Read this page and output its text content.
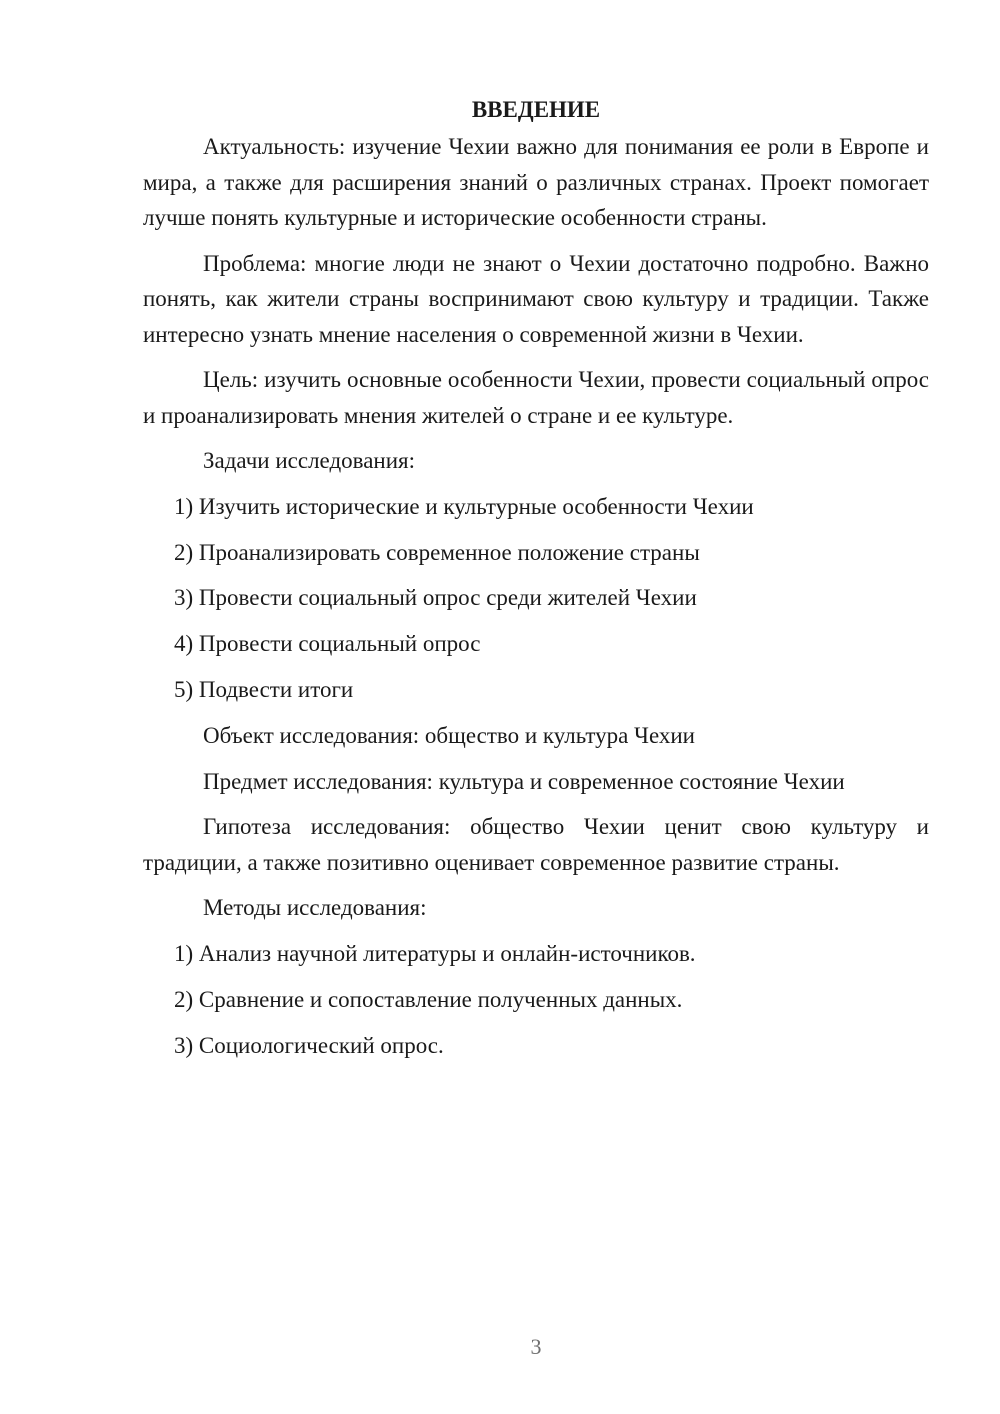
ВВЕДЕНИЕ

Актуальность: изучение Чехии важно для понимания ее роли в Европе и мира, а также для расширения знаний о различных странах. Проект помогает лучше понять культурные и исторические особенности страны.

Проблема: многие люди не знают о Чехии достаточно подробно. Важно понять, как жители страны воспринимают свою культуру и традиции. Также интересно узнать мнение населения о современной жизни в Чехии.

Цель: изучить основные особенности Чехии, провести социальный опрос и проанализировать мнения жителей о стране и ее культуре.

Задачи исследования:
1) Изучить исторические и культурные особенности Чехии
2) Проанализировать современное положение страны
3) Провести социальный опрос среди жителей Чехии
4) Провести социальный опрос
5) Подвести итоги
Объект исследования: общество и культура Чехии
Предмет исследования: культура и современное состояние Чехии

Гипотеза исследования: общество Чехии ценит свою культуру и традиции, а также позитивно оценивает современное развитие страны.

Методы исследования:
1) Анализ научной литературы и онлайн-источников.
2) Сравнение и сопоставление полученных данных.
3) Социологический опрос.
3
